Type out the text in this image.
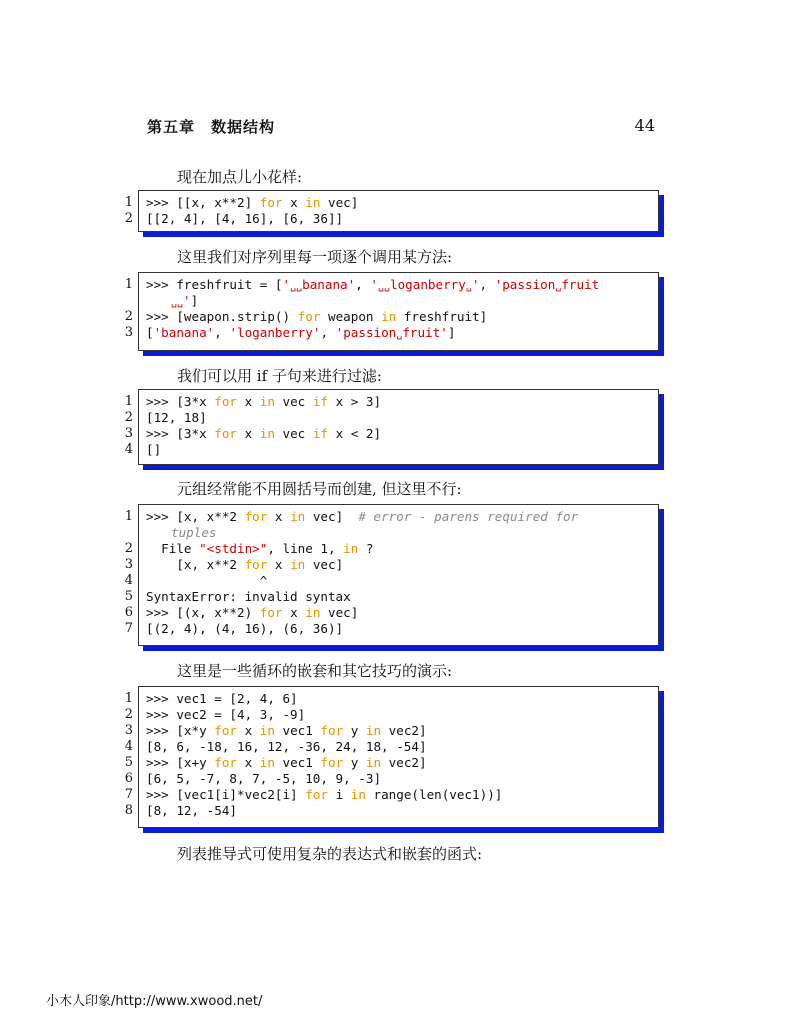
第五章　数据结构	44
现在加点儿小花样:
1 >>> [[x, x**2] for x in vec]
2 [[2, 4], [4, 16], [6, 36]]
这里我们对序列里每一项逐个调用某方法:
1 >>> freshfruit = ['␣␣banana', '␣␣loganberry␣', 'passion␣fruit
␣␣']
2 >>> [weapon.strip() for weapon in freshfruit]
3 ['banana', 'loganberry', 'passion␣fruit']
我们可以用 if 子句来进行过滤:
1 >>> [3*x for x in vec if x > 3]
2 [12, 18]
3 >>> [3*x for x in vec if x < 2]
4 []
元组经常能不用圆括号而创建, 但这里不行:
1 >>> [x, x**2 for x in vec]  # error - parens required for
tuples
2 File "<stdin>", line 1, in ?
3 [x, x**2 for x in vec]
4 ^
5 SyntaxError: invalid syntax
6 >>> [(x, x**2) for x in vec]
7 [(2, 4), (4, 16), (6, 36)]
这里是一些循环的嵌套和其它技巧的演示:
1 >>> vec1 = [2, 4, 6]
2 >>> vec2 = [4, 3, -9]
3 >>> [x*y for x in vec1 for y in vec2]
4 [8, 6, -18, 16, 12, -36, 24, 18, -54]
5 >>> [x+y for x in vec1 for y in vec2]
6 [6, 5, -7, 8, 7, -5, 10, 9, -3]
7 >>> [vec1[i]*vec2[i] for i in range(len(vec1))]
8 [8, 12, -54]
列表推导式可使用复杂的表达式和嵌套的函式:
小木人印象/http://www.xwood.net/
